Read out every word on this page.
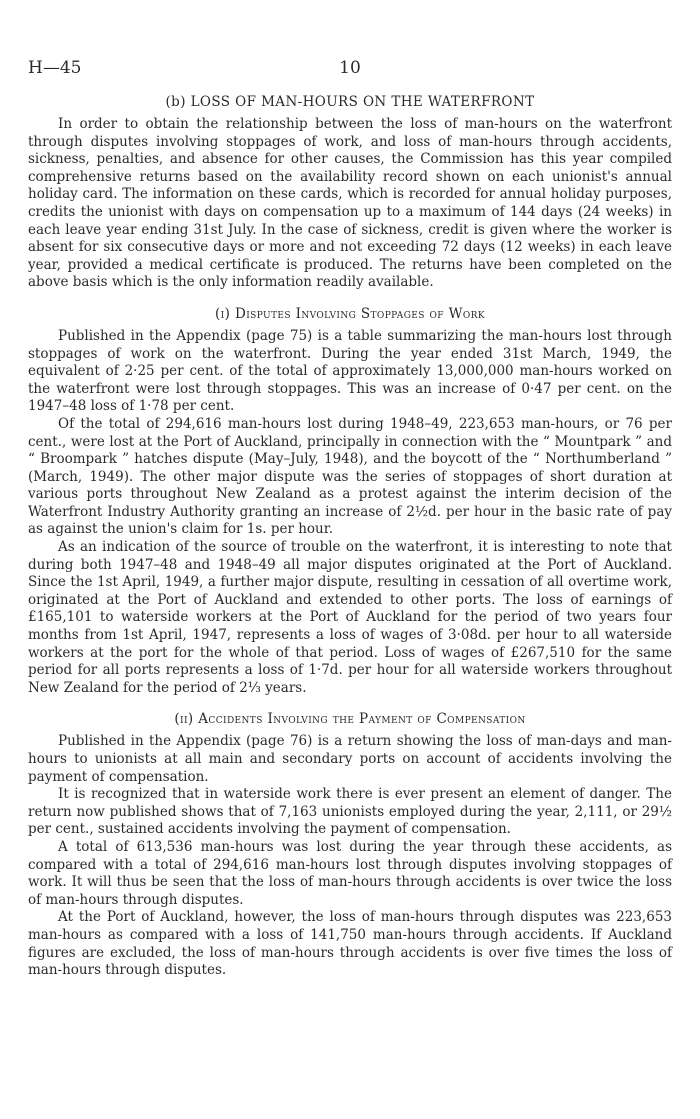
H—45	10
(b) LOSS OF MAN-HOURS ON THE WATERFRONT

In order to obtain the relationship between the loss of man-hours on the waterfront through disputes involving stoppages of work, and loss of man-hours through accidents, sickness, penalties, and absence for other causes, the Commission has this year compiled comprehensive returns based on the availability record shown on each unionist's annual holiday card. The information on these cards, which is recorded for annual holiday purposes, credits the unionist with days on compensation up to a maximum of 144 days (24 weeks) in each leave year ending 31st July. In the case of sickness, credit is given where the worker is absent for six consecutive days or more and not exceeding 72 days (12 weeks) in each leave year, provided a medical certificate is produced. The returns have been completed on the above basis which is the only information readily available.

(i) Disputes Involving Stoppages of Work

Published in the Appendix (page 75) is a table summarizing the man-hours lost through stoppages of work on the waterfront. During the year ended 31st March, 1949, the equivalent of 2·25 per cent. of the total of approximately 13,000,000 man-hours worked on the waterfront were lost through stoppages. This was an increase of 0·47 per cent. on the 1947–48 loss of 1·78 per cent.

Of the total of 294,616 man-hours lost during 1948–49, 223,653 man-hours, or 76 per cent., were lost at the Port of Auckland, principally in connection with the “ Mountpark ” and “ Broompark ” hatches dispute (May–July, 1948), and the boycott of the “ Northumberland ” (March, 1949). The other major dispute was the series of stoppages of short duration at various ports throughout New Zealand as a protest against the interim decision of the Waterfront Industry Authority granting an increase of 2½d. per hour in the basic rate of pay as against the union's claim for 1s. per hour.

As an indication of the source of trouble on the waterfront, it is interesting to note that during both 1947–48 and 1948–49 all major disputes originated at the Port of Auckland. Since the 1st April, 1949, a further major dispute, resulting in cessation of all overtime work, originated at the Port of Auckland and extended to other ports. The loss of earnings of £165,101 to waterside workers at the Port of Auckland for the period of two years four months from 1st April, 1947, represents a loss of wages of 3·08d. per hour to all waterside workers at the port for the whole of that period. Loss of wages of £267,510 for the same period for all ports represents a loss of 1·7d. per hour for all waterside workers throughout New Zealand for the period of 2⅓ years.

(ii) Accidents Involving the Payment of Compensation

Published in the Appendix (page 76) is a return showing the loss of man-days and man-hours to unionists at all main and secondary ports on account of accidents involving the payment of compensation.

It is recognized that in waterside work there is ever present an element of danger. The return now published shows that of 7,163 unionists employed during the year, 2,111, or 29½ per cent., sustained accidents involving the payment of compensation.

A total of 613,536 man-hours was lost during the year through these accidents, as compared with a total of 294,616 man-hours lost through disputes involving stoppages of work. It will thus be seen that the loss of man-hours through accidents is over twice the loss of man-hours through disputes.

At the Port of Auckland, however, the loss of man-hours through disputes was 223,653 man-hours as compared with a loss of 141,750 man-hours through accidents. If Auckland figures are excluded, the loss of man-hours through accidents is over five times the loss of man-hours through disputes.
